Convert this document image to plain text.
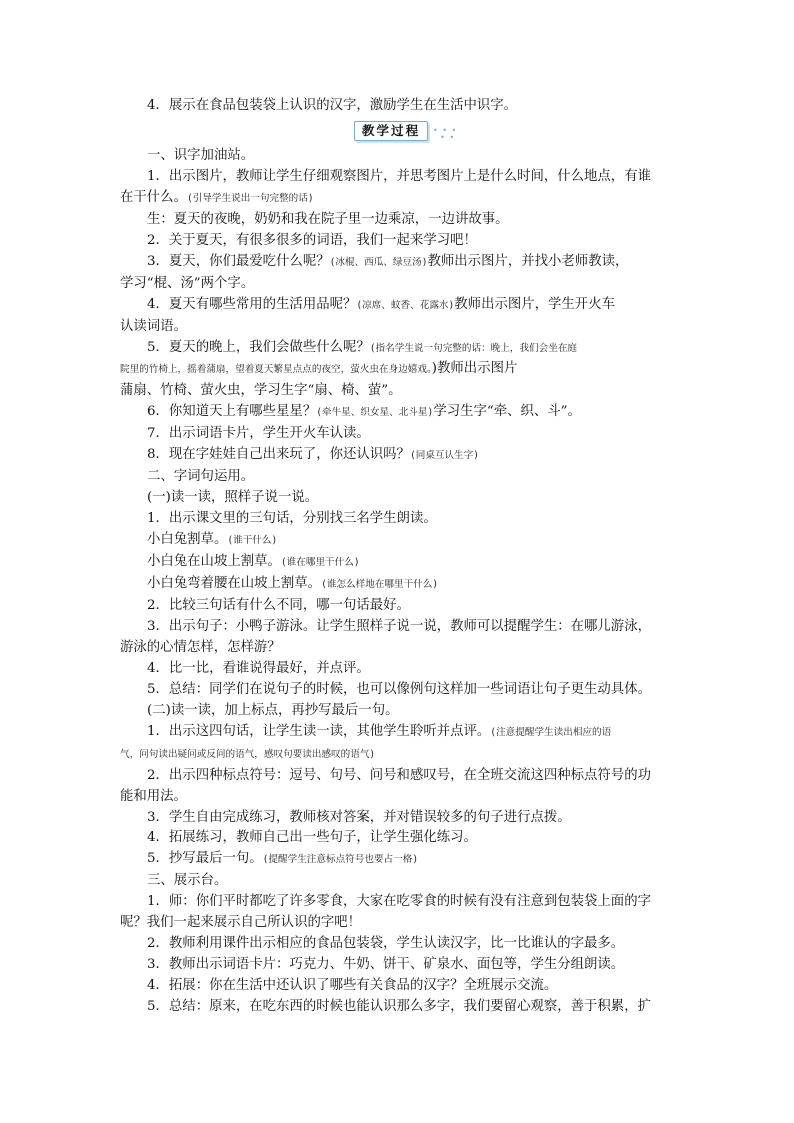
4．展示在食品包装袋上认识的汉字，激励学生在生活中识字。

教学过程	• • •
• •

一、识字加油站。

1．出示图片，教师让学生仔细观察图片，并思考图片上是什么时间，什么地点，有谁

在干什么。(引导学生说出一句完整的话)

生：夏天的夜晚，奶奶和我在院子里一边乘凉，一边讲故事。

2．关于夏天，有很多很多的词语，我们一起来学习吧！

3．夏天，你们最爱吃什么呢？(冰棍、西瓜、绿豆汤)教师出示图片，并找小老师教读，

学习“棍、汤”两个字。

4．夏天有哪些常用的生活用品呢？(凉席、蚊香、花露水)教师出示图片，学生开火车

认读词语。

5．夏天的晚上，我们会做些什么呢？(指名学生说一句完整的话：晚上，我们会坐在庭

院里的竹椅上，摇着蒲扇，望着夏天繁星点点的夜空，萤火虫在身边嬉戏。)教师出示图片

蒲扇、竹椅、萤火虫，学习生字“扇、椅、萤”。

6．你知道天上有哪些星星？(牵牛星、织女星、北斗星)学习生字“牵、织、斗”。

7．出示词语卡片，学生开火车认读。

8．现在字娃娃自己出来玩了，你还认识吗？(同桌互认生字)

二、字词句运用。

(一)读一读，照样子说一说。

1．出示课文里的三句话，分别找三名学生朗读。

小白兔割草。(谁干什么)

小白兔在山坡上割草。(谁在哪里干什么)

小白兔弯着腰在山坡上割草。(谁怎么样地在哪里干什么)

2．比较三句话有什么不同，哪一句话最好。

3．出示句子：小鸭子游泳。让学生照样子说一说，教师可以提醒学生：在哪儿游泳，

游泳的心情怎样，怎样游？

4．比一比，看谁说得最好，并点评。

5．总结：同学们在说句子的时候，也可以像例句这样加一些词语让句子更生动具体。

(二)读一读，加上标点，再抄写最后一句。

1．出示这四句话，让学生读一读，其他学生聆听并点评。(注意提醒学生读出相应的语

气，问句读出疑问或反问的语气，感叹句要读出感叹的语气)

2．出示四种标点符号：逗号、句号、问号和感叹号，在全班交流这四种标点符号的功

能和用法。

3．学生自由完成练习，教师核对答案，并对错误较多的句子进行点拨。

4．拓展练习，教师自己出一些句子，让学生强化练习。

5．抄写最后一句。(提醒学生注意标点符号也要占一格)

三、展示台。

1．师：你们平时都吃了许多零食，大家在吃零食的时候有没有注意到包装袋上面的字

呢？我们一起来展示自己所认识的字吧！

2．教师利用课件出示相应的食品包装袋，学生认读汉字，比一比谁认的字最多。

3．教师出示词语卡片：巧克力、牛奶、饼干、矿泉水、面包等，学生分组朗读。

4．拓展：你在生活中还认识了哪些有关食品的汉字？全班展示交流。

5．总结：原来，在吃东西的时候也能认识那么多字，我们要留心观察，善于积累，扩
